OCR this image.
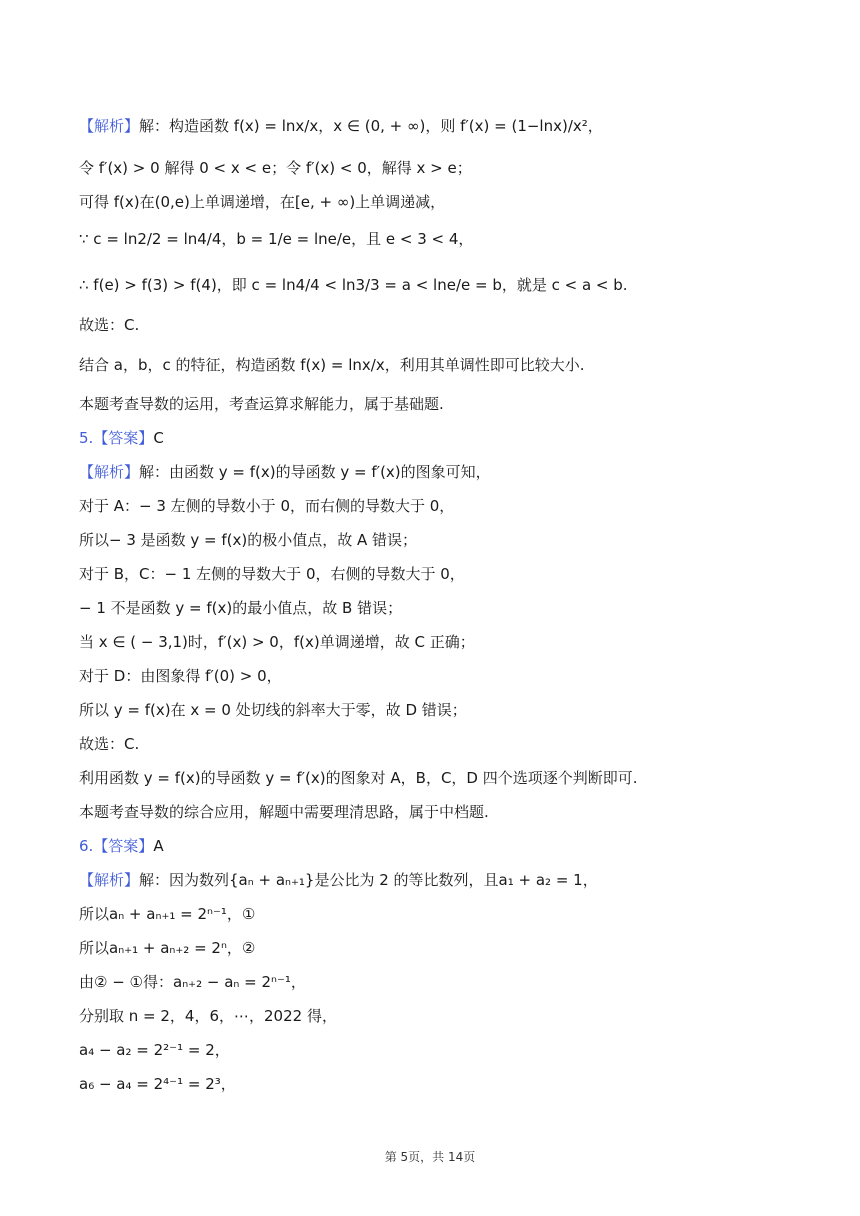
【解析】解：构造函数 f(x) = lnx/x，x ∈ (0, + ∞)，则 f′(x) = (1−lnx)/x²，
令 f′(x) > 0 解得 0 < x < e；令 f′(x) < 0，解得 x > e；
可得 f(x)在(0,e)上单调递增，在[e, + ∞)上单调递减，
∵ c = ln2/2 = ln4/4，b = 1/e = lne/e，且 e < 3 < 4，
∴ f(e) > f(3) > f(4)，即 c = ln4/4 < ln3/3 = a < lne/e = b，就是 c < a < b.
故选：C.
结合 a，b，c 的特征，构造函数 f(x) = lnx/x，利用其单调性即可比较大小.
本题考查导数的运用，考查运算求解能力，属于基础题.
5.【答案】C
【解析】解：由函数 y = f(x)的导函数 y = f′(x)的图象可知，
对于 A：− 3 左侧的导数小于 0，而右侧的导数大于 0，
所以− 3 是函数 y = f(x)的极小值点，故 A 错误；
对于 B，C：− 1 左侧的导数大于 0，右侧的导数大于 0，
− 1 不是函数 y = f(x)的最小值点，故 B 错误；
当 x ∈ ( − 3,1)时，f′(x) > 0，f(x)单调递增，故 C 正确；
对于 D：由图象得 f′(0) > 0，
所以 y = f(x)在 x = 0 处切线的斜率大于零，故 D 错误；
故选：C.
利用函数 y = f(x)的导函数 y = f′(x)的图象对 A，B，C，D 四个选项逐个判断即可.
本题考查导数的综合应用，解题中需要理清思路，属于中档题.
6.【答案】A
【解析】解：因为数列{aₙ + aₙ₊₁}是公比为 2 的等比数列，且a₁ + a₂ = 1，
所以aₙ + aₙ₊₁ = 2ⁿ⁻¹，①
所以aₙ₊₁ + aₙ₊₂ = 2ⁿ，②
由② − ①得：aₙ₊₂ − aₙ = 2ⁿ⁻¹，
分别取 n = 2，4，6，⋯，2022 得，
a₄ − a₂ = 2²⁻¹ = 2，
a₆ − a₄ = 2⁴⁻¹ = 2³，
第 5页，共 14页
